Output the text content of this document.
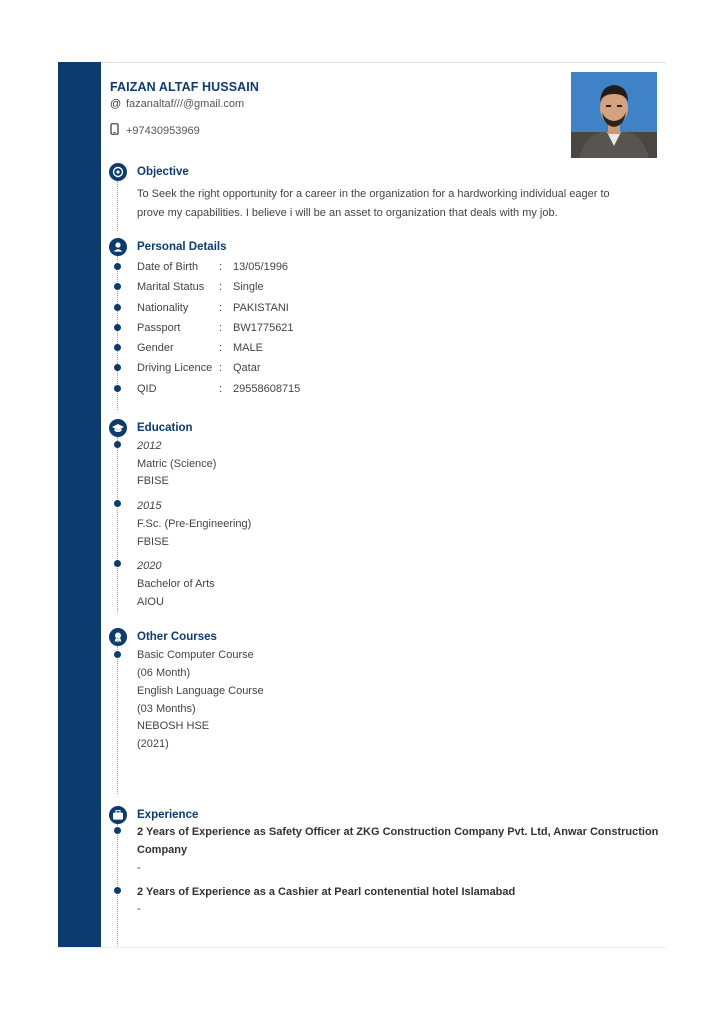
FAIZAN ALTAF HUSSAIN
@ fazanaltaf///@gmail.com
+97430953969
Objective
To Seek the right opportunity for a career in the organization for a hardworking individual eager to
prove my capabilities. I believe i will be an asset to organization that deals with my job.
Personal Details
Date of Birth : 13/05/1996
Marital Status : Single
Nationality	: PAKISTANI
Passport	: BW1775621
Gender	: MALE
Driving Licence : Qatar
QID	: 29558608715
Education
2012
Matric (Science)
FBISE
2015
F.Sc. (Pre-Engineering)
FBISE
2020
Bachelor of Arts
AIOU
Other Courses
Basic Computer Course
(06 Month)
English Language Course
(03 Months)
NEBOSH HSE
(2021)
Experience
2 Years of Experience as Safety Officer at ZKG Construction Company Pvt. Ltd, Anwar Construction
Company
-
2 Years of Experience as a Cashier at Pearl contenential hotel Islamabad
-
